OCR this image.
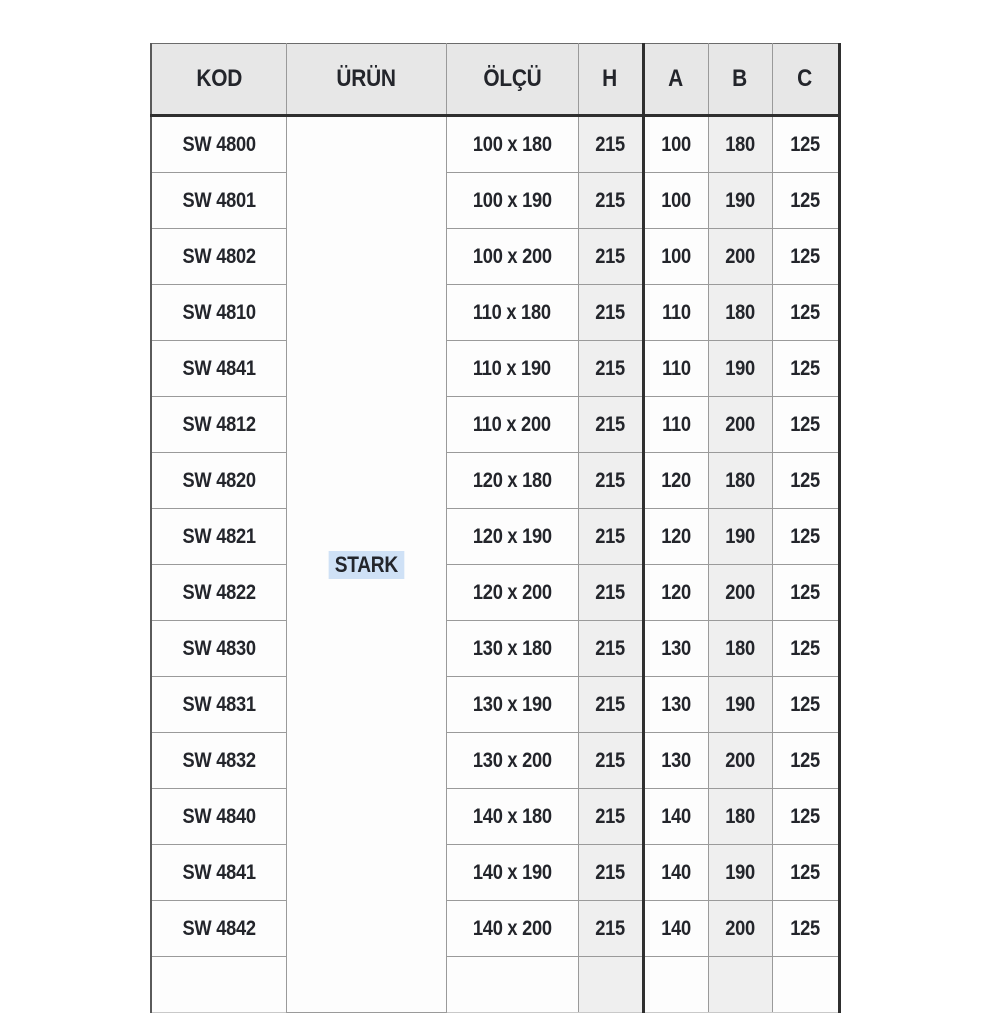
KOD	ÜRÜN	ÖLÇÜ	H	A	B	C
SW 4800	STARK	100 x 180	215	100	180	125
SW 4801		100 x 190	215	100	190	125
SW 4802		100 x 200	215	100	200	125
SW 4810		110 x 180	215	110	180	125
SW 4841		110 x 190	215	110	190	125
SW 4812		110 x 200	215	110	200	125
SW 4820		120 x 180	215	120	180	125
SW 4821		120 x 190	215	120	190	125
SW 4822		120 x 200	215	120	200	125
SW 4830		130 x 180	215	130	180	125
SW 4831		130 x 190	215	130	190	125
SW 4832		130 x 200	215	130	200	125
SW 4840		140 x 180	215	140	180	125
SW 4841		140 x 190	215	140	190	125
SW 4842		140 x 200	215	140	200	125
